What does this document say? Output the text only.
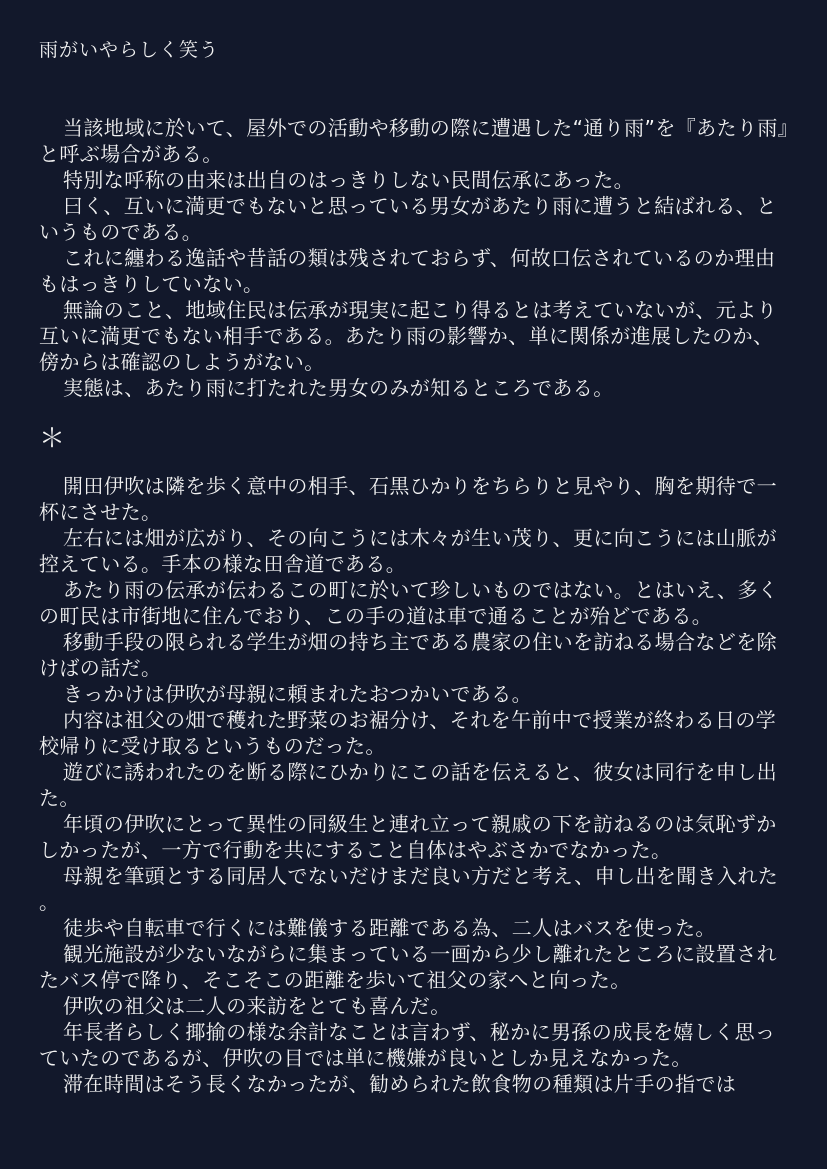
雨がいやらしく笑う

当該地域に於いて、屋外での活動や移動の際に遭遇した“通り雨”を『あたり雨』と呼ぶ場合がある。

特別な呼称の由来は出自のはっきりしない民間伝承にあった。

曰く、互いに満更でもないと思っている男女があたり雨に遭うと結ばれる、というものである。

これに纏わる逸話や昔話の類は残されておらず、何故口伝されているのか理由もはっきりしていない。

無論のこと、地域住民は伝承が現実に起こり得るとは考えていないが、元より互いに満更でもない相手である。あたり雨の影響か、単に関係が進展したのか、傍からは確認のしようがない。

実態は、あたり雨に打たれた男女のみが知るところである。

＊

開田伊吹は隣を歩く意中の相手、石黒ひかりをちらりと見やり、胸を期待で一杯にさせた。

左右には畑が広がり、その向こうには木々が生い茂り、更に向こうには山脈が控えている。手本の様な田舎道である。

あたり雨の伝承が伝わるこの町に於いて珍しいものではない。とはいえ、多くの町民は市街地に住んでおり、この手の道は車で通ることが殆どである。

移動手段の限られる学生が畑の持ち主である農家の住いを訪ねる場合などを除けばの話だ。

きっかけは伊吹が母親に頼まれたおつかいである。

内容は祖父の畑で穫れた野菜のお裾分け、それを午前中で授業が終わる日の学校帰りに受け取るというものだった。

遊びに誘われたのを断る際にひかりにこの話を伝えると、彼女は同行を申し出た。

年頃の伊吹にとって異性の同級生と連れ立って親戚の下を訪ねるのは気恥ずかしかったが、一方で行動を共にすること自体はやぶさかでなかった。

母親を筆頭とする同居人でないだけまだ良い方だと考え、申し出を聞き入れた。

徒歩や自転車で行くには難儀する距離である為、二人はバスを使った。

観光施設が少ないながらに集まっている一画から少し離れたところに設置されたバス停で降り、そこそこの距離を歩いて祖父の家へと向った。

伊吹の祖父は二人の来訪をとても喜んだ。

年長者らしく揶揄の様な余計なことは言わず、秘かに男孫の成長を嬉しく思っていたのであるが、伊吹の目では単に機嫌が良いとしか見えなかった。

滞在時間はそう長くなかったが、勧められた飲食物の種類は片手の指では
